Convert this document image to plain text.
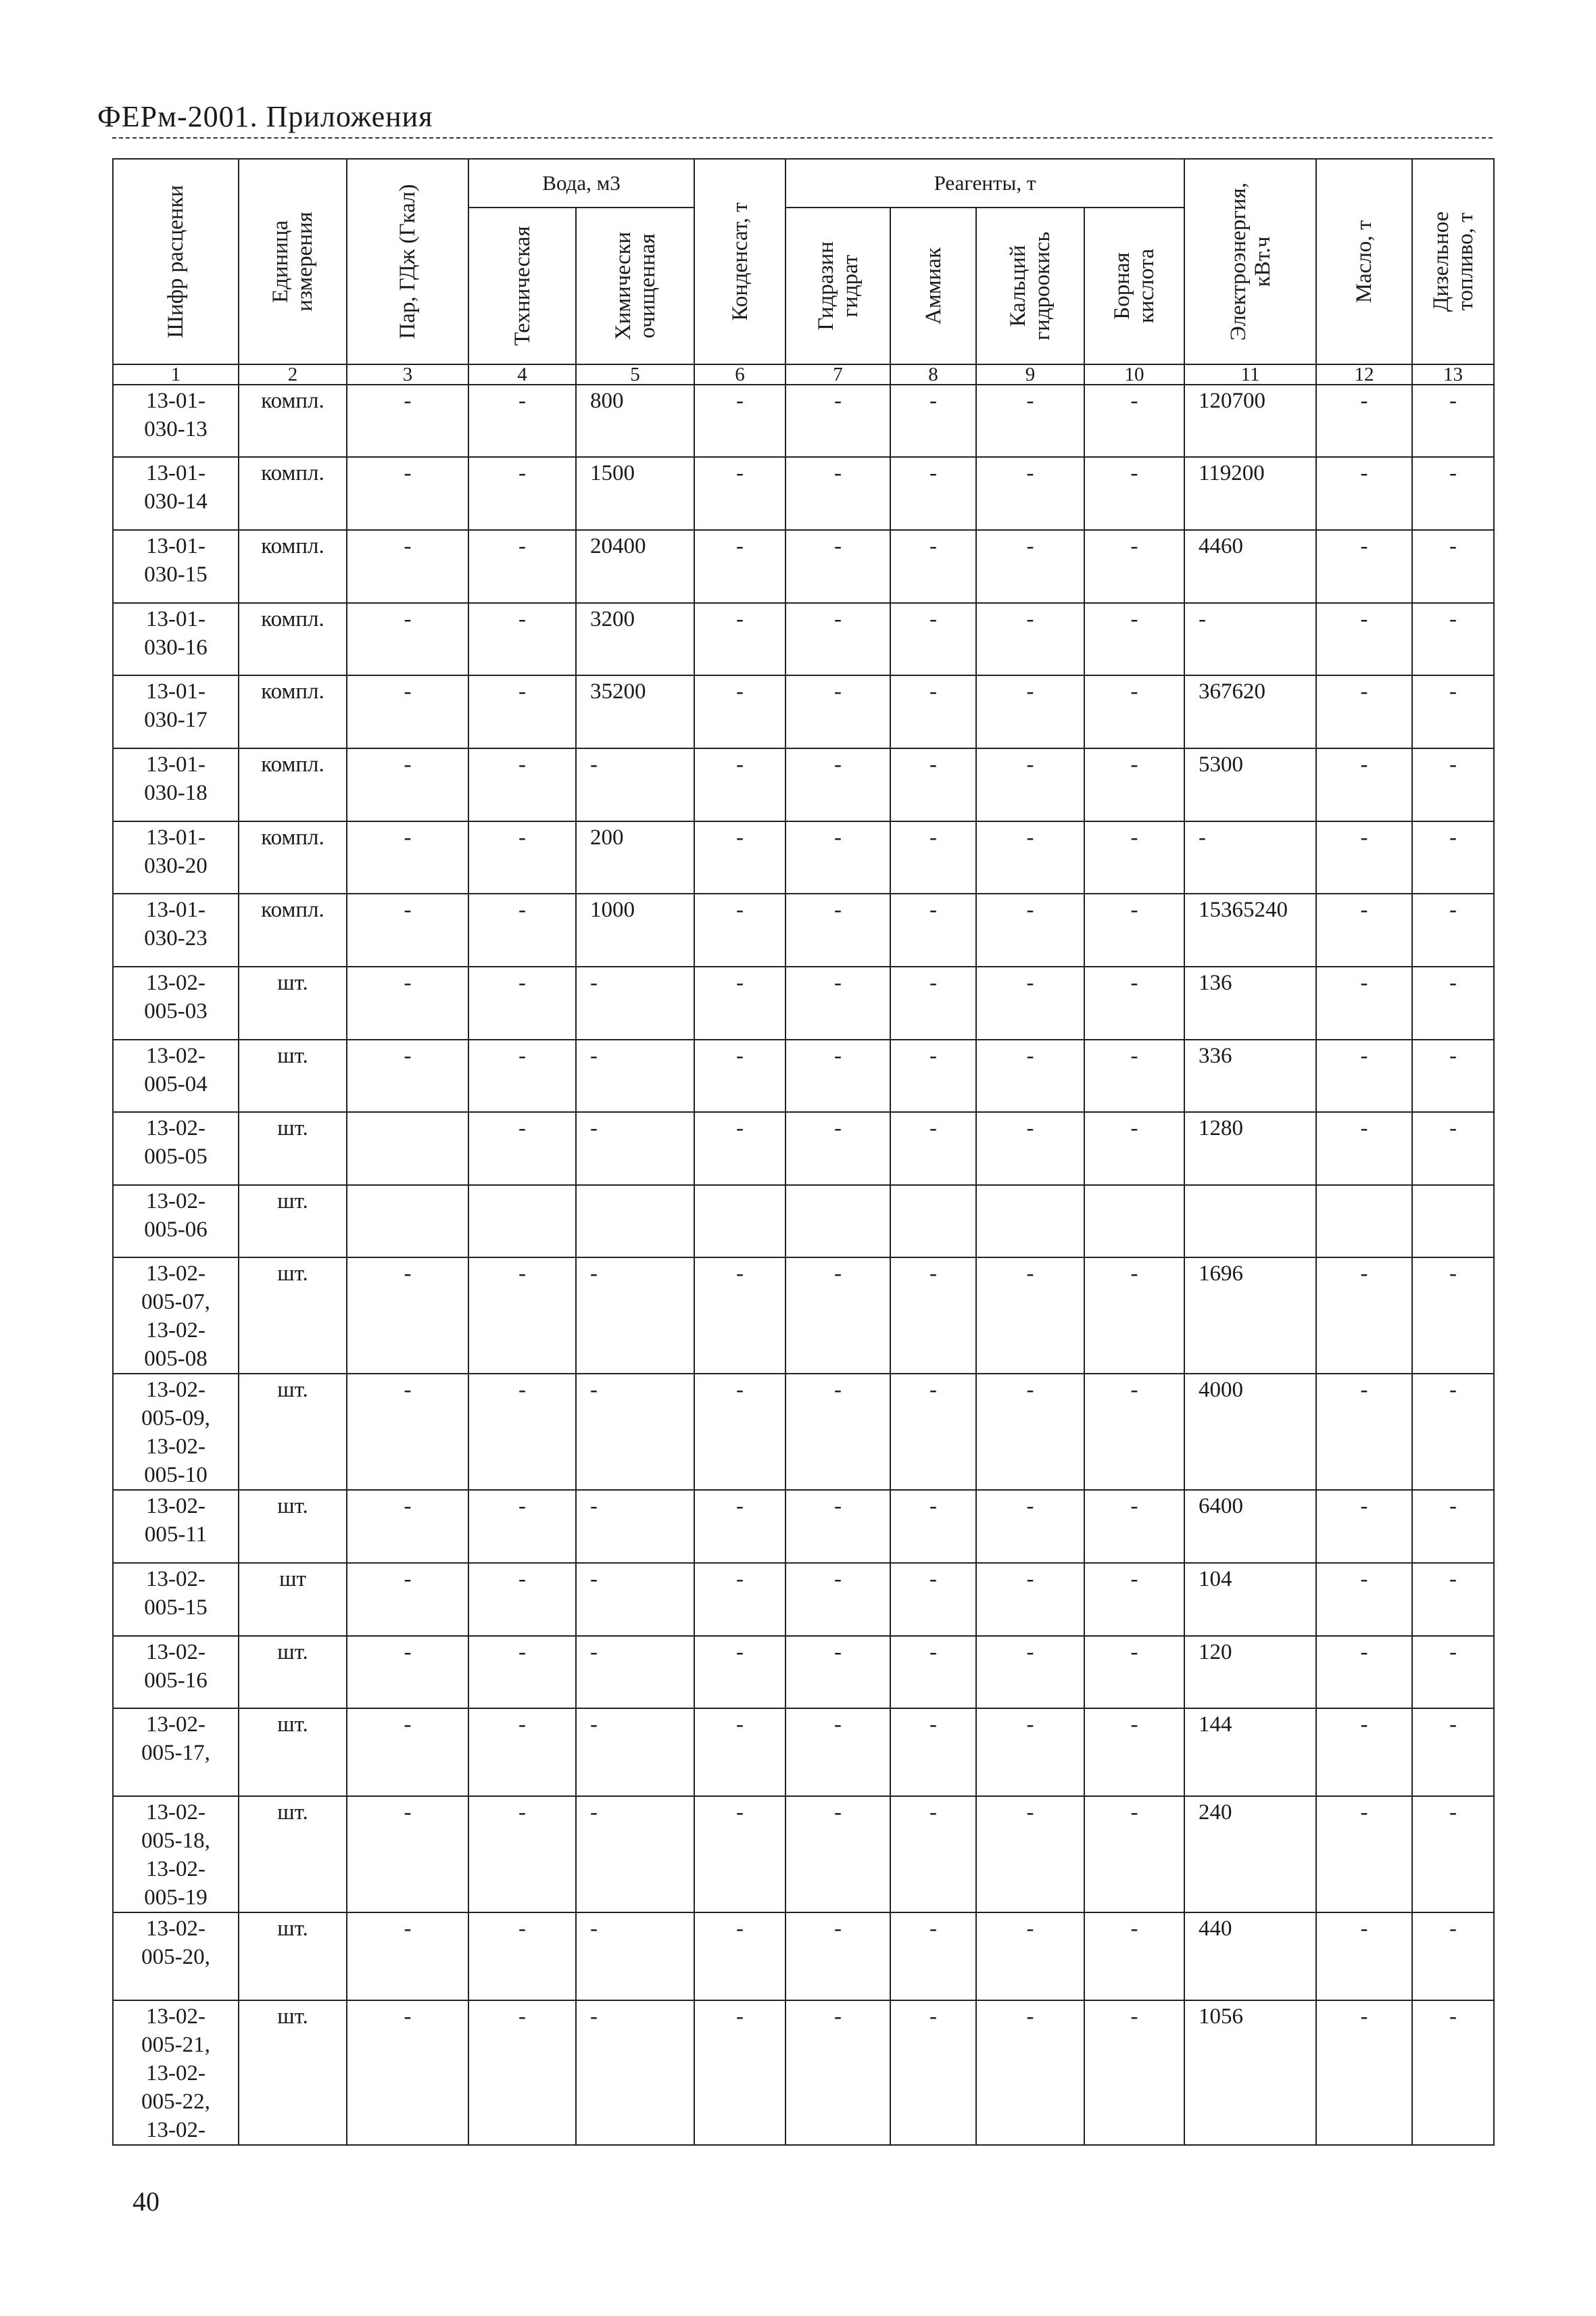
ФЕРм-2001. Приложения
Шифр расценки	Единица
измерения	Пар, ГДж (Гкал)	Вода, м3		Конденсат, т	Реагенты, т				Электроэнергия,
кВт.ч	Масло, т	Дизельное
топливо, т

			Техническая	Химически
очищенная		Гидразин
гидрат	Аммиак	Кальций
гидроокись	Борная
кислота			

1	2	3	4	5	6	7	8	9	10	11	12	13
13-01-
030-13	компл.	-	-	800	-	-	-	-	-	120700	-	-
13-01-
030-14	компл.	-	-	1500	-	-	-	-	-	119200	-	-
13-01-
030-15	компл.	-	-	20400	-	-	-	-	-	4460	-	-
13-01-
030-16	компл.	-	-	3200	-	-	-	-	-	-	-	-
13-01-
030-17	компл.	-	-	35200	-	-	-	-	-	367620	-	-
13-01-
030-18	компл.	-	-	-	-	-	-	-	-	5300	-	-
13-01-
030-20	компл.	-	-	200	-	-	-	-	-	-	-	-
13-01-
030-23	компл.	-	-	1000	-	-	-	-	-	15365240	-	-
13-02-
005-03	шт.	-	-	-	-	-	-	-	-	136	-	-
13-02-
005-04	шт.	-	-	-	-	-	-	-	-	336	-	-
13-02-
005-05	шт.		-	-	-	-	-	-	-	1280	-	-
13-02-
005-06	шт.											
13-02-
005-07,
13-02-
005-08	шт.	-	-	-	-	-	-	-	-	1696	-	-
13-02-
005-09,
13-02-
005-10	шт.	-	-	-	-	-	-	-	-	4000	-	-
13-02-
005-11	шт.	-	-	-	-	-	-	-	-	6400	-	-
13-02-
005-15	шт	-	-	-	-	-	-	-	-	104	-	-
13-02-
005-16	шт.	-	-	-	-	-	-	-	-	120	-	-
13-02-
005-17,	шт.	-	-	-	-	-	-	-	-	144	-	-
13-02-
005-18,
13-02-
005-19	шт.	-	-	-	-	-	-	-	-	240	-	-
13-02-
005-20,	шт.	-	-	-	-	-	-	-	-	440	-	-
13-02-
005-21,
13-02-
005-22,
13-02-	шт.	-	-	-	-	-	-	-	-	1056	-	-
40
